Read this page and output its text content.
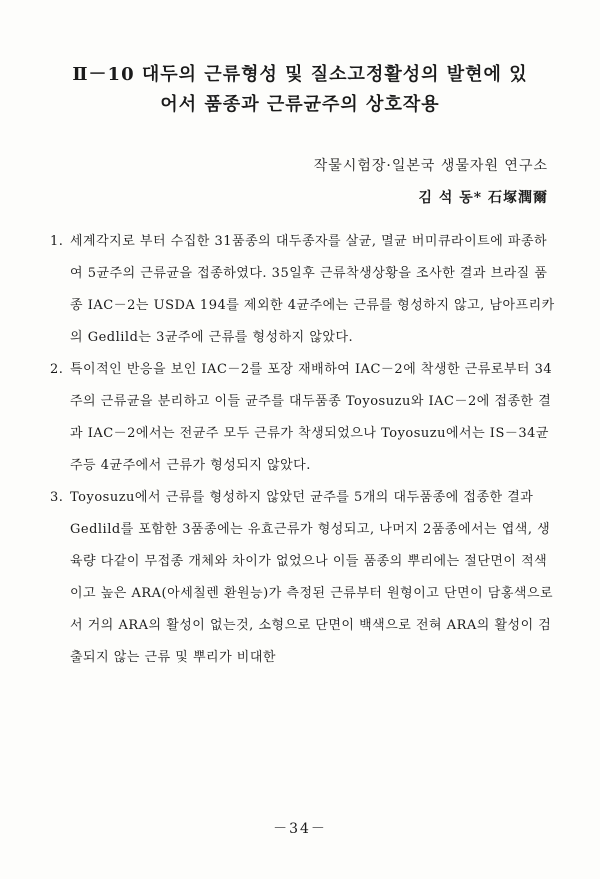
Ⅱ－10 대두의 근류형성 및 질소고정활성의 발현에 있
어서 품종과 근류균주의 상호작용
작물시험장·일본국 생물자원 연구소
김 석 동* 石塚潤爾

1. 세계각지로 부터 수집한 31품종의 대두종자를 살균, 멸균 버미큐라이트에 파종하여 5균주의 근류균을 접종하였다. 35일후 근류착생상황을 조사한 결과 브라질 품종 IAC－2는 USDA 194를 제외한 4균주에는 근류를 형성하지 않고, 남아프리카의 Gedlild는 3균주에 근류를 형성하지 않았다.

2. 특이적인 반응을 보인 IAC－2를 포장 재배하여 IAC－2에 착생한 근류로부터 34주의 근류균을 분리하고 이들 균주를 대두품종 Toyosuzu와 IAC－2에 접종한 결과 IAC－2에서는 전균주 모두 근류가 착생되었으나 Toyosuzu에서는 IS－34균주등 4균주에서 근류가 형성되지 않았다.

3. Toyosuzu에서 근류를 형성하지 않았던 균주를 5개의 대두품종에 접종한 결과 Gedlild를 포함한 3품종에는 유효근류가 형성되고, 나머지 2품종에서는 엽색, 생육량 다같이 무접종 개체와 차이가 없었으나 이들 품종의 뿌리에는 절단면이 적색이고 높은 ARA(아세칠렌 환원능)가 측정된 근류부터 원형이고 단면이 담홍색으로서 거의 ARA의 활성이 없는것, 소형으로 단면이 백색으로 전혀 ARA의 활성이 검출되지 않는 근류 및 뿌리가 비대한

－34－
